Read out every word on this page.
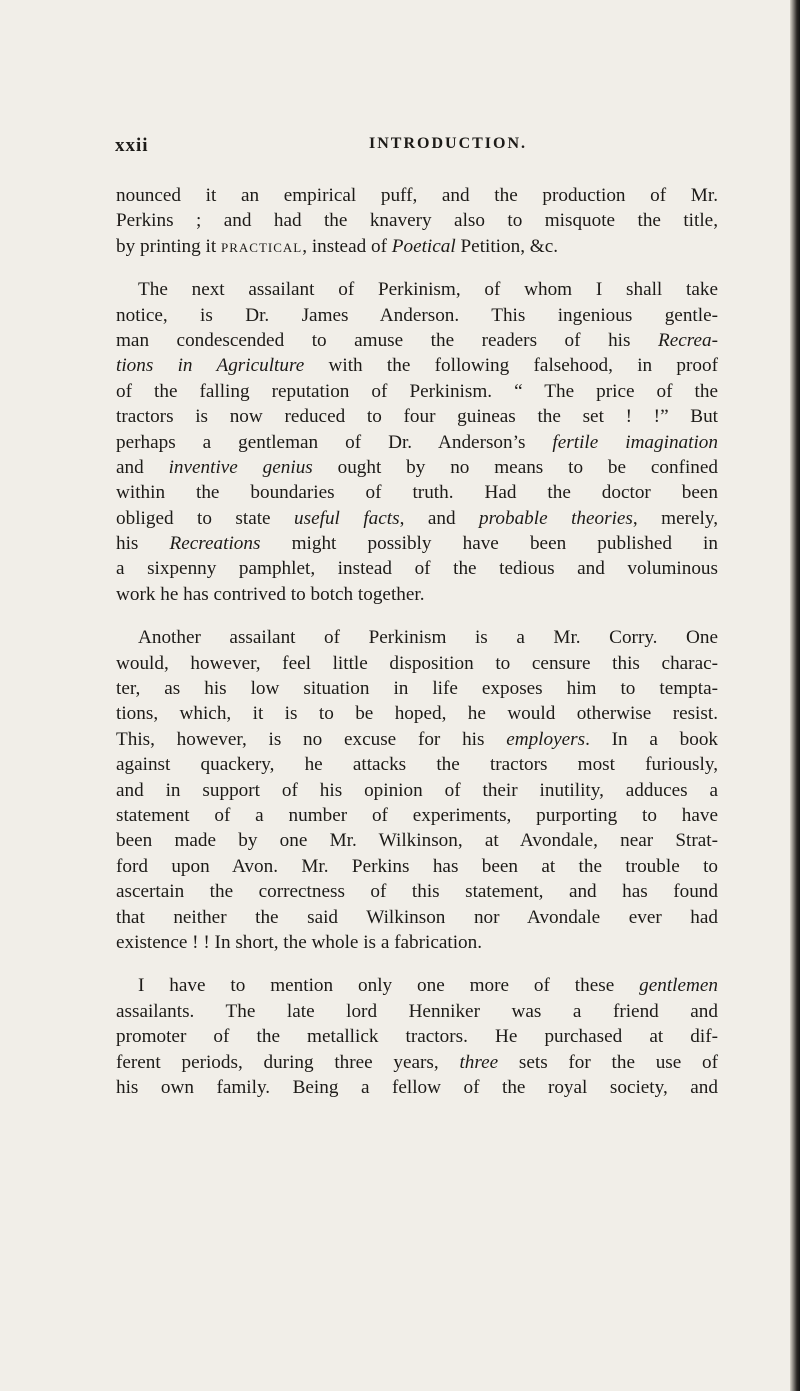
xxii	INTRODUCTION.
nounced it an empirical puff, and the production of Mr.
Perkins ; and had the knavery also to misquote the title,
by printing it practical, instead of Poetical Petition, &c.
The next assailant of Perkinism, of whom I shall take
notice, is Dr. James Anderson. This ingenious gentle-
man condescended to amuse the readers of his Recrea-
tions in Agriculture with the following falsehood, in proof
of the falling reputation of Perkinism. “ The price of the
tractors is now reduced to four guineas the set ! !” But
perhaps a gentleman of Dr. Anderson’s fertile imagination
and inventive genius ought by no means to be confined
within the boundaries of truth. Had the doctor been
obliged to state useful facts, and probable theories, merely,
his Recreations might possibly have been published in
a sixpenny pamphlet, instead of the tedious and voluminous
work he has contrived to botch together.
Another assailant of Perkinism is a Mr. Corry. One
would, however, feel little disposition to censure this charac-
ter, as his low situation in life exposes him to tempta-
tions, which, it is to be hoped, he would otherwise resist.
This, however, is no excuse for his employers. In a book
against quackery, he attacks the tractors most furiously,
and in support of his opinion of their inutility, adduces a
statement of a number of experiments, purporting to have
been made by one Mr. Wilkinson, at Avondale, near Strat-
ford upon Avon. Mr. Perkins has been at the trouble to
ascertain the correctness of this statement, and has found
that neither the said Wilkinson nor Avondale ever had
existence ! ! In short, the whole is a fabrication.
I have to mention only one more of these gentlemen
assailants. The late lord Henniker was a friend and
promoter of the metallick tractors. He purchased at dif-
ferent periods, during three years, three sets for the use of
his own family. Being a fellow of the royal society, and
